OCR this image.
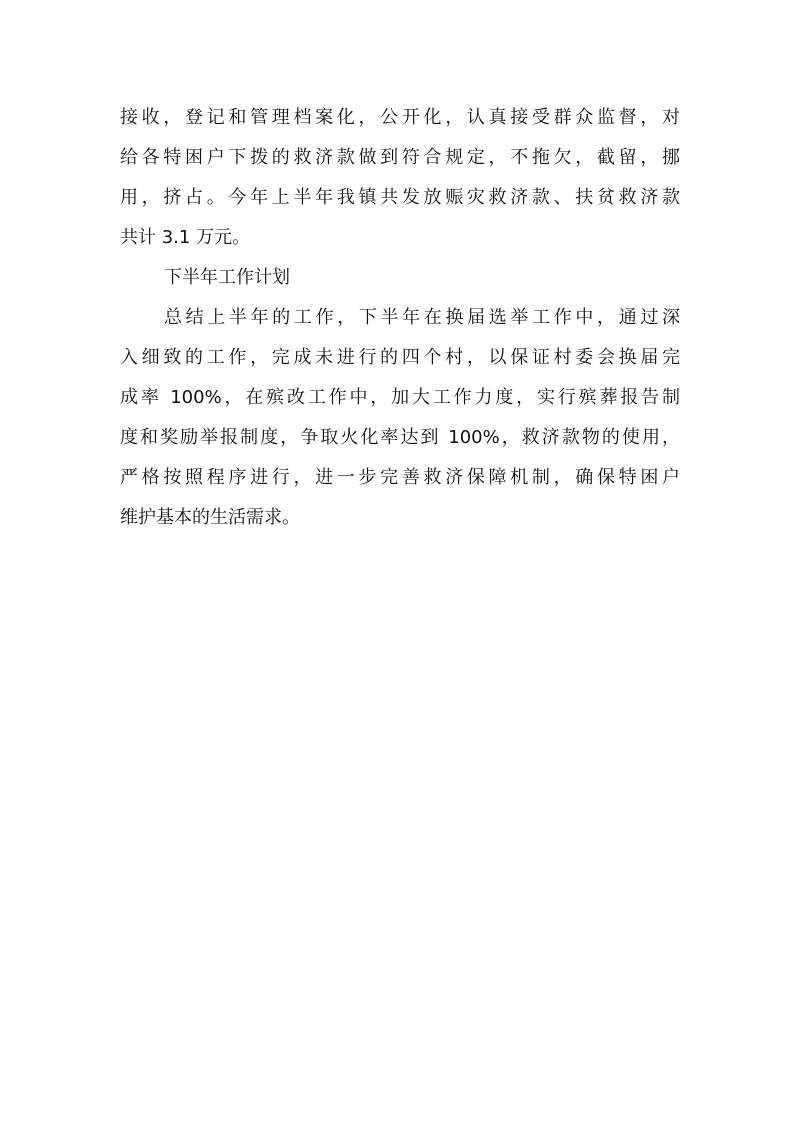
接收，登记和管理档案化，公开化，认真接受群众监督，对
给各特困户下拨的救济款做到符合规定，不拖欠，截留，挪
用，挤占。今年上半年我镇共发放赈灾救济款、扶贫救济款
共计 3.1 万元。
下半年工作计划
总结上半年的工作，下半年在换届选举工作中，通过深
入细致的工作，完成未进行的四个村，以保证村委会换届完
成率 100%，在殡改工作中，加大工作力度，实行殡葬报告制
度和奖励举报制度，争取火化率达到 100%，救济款物的使用，
严格按照程序进行，进一步完善救济保障机制，确保特困户
维护基本的生活需求。
